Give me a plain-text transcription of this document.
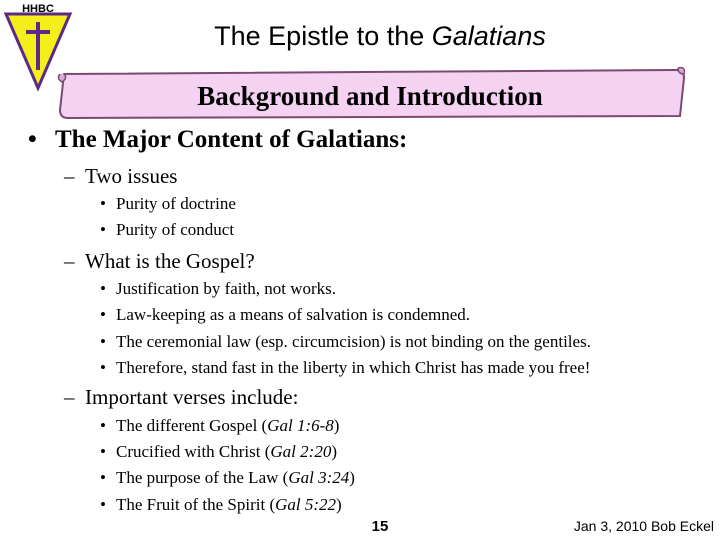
HHBC
The Epistle to the Galatians
Background and Introduction
• The Major Content of Galatians:
– Two issues
• Purity of doctrine
• Purity of conduct
– What is the Gospel?
• Justification by faith, not works.
• Law-keeping as a means of salvation is condemned.
• The ceremonial law (esp. circumcision) is not binding on the gentiles.
• Therefore, stand fast in the liberty in which Christ has made you free!
– Important verses include:
• The different Gospel (Gal 1:6-8)
• Crucified with Christ (Gal 2:20)
• The purpose of the Law (Gal 3:24)
• The Fruit of the Spirit (Gal 5:22)
15	Jan 3, 2010 Bob Eckel
